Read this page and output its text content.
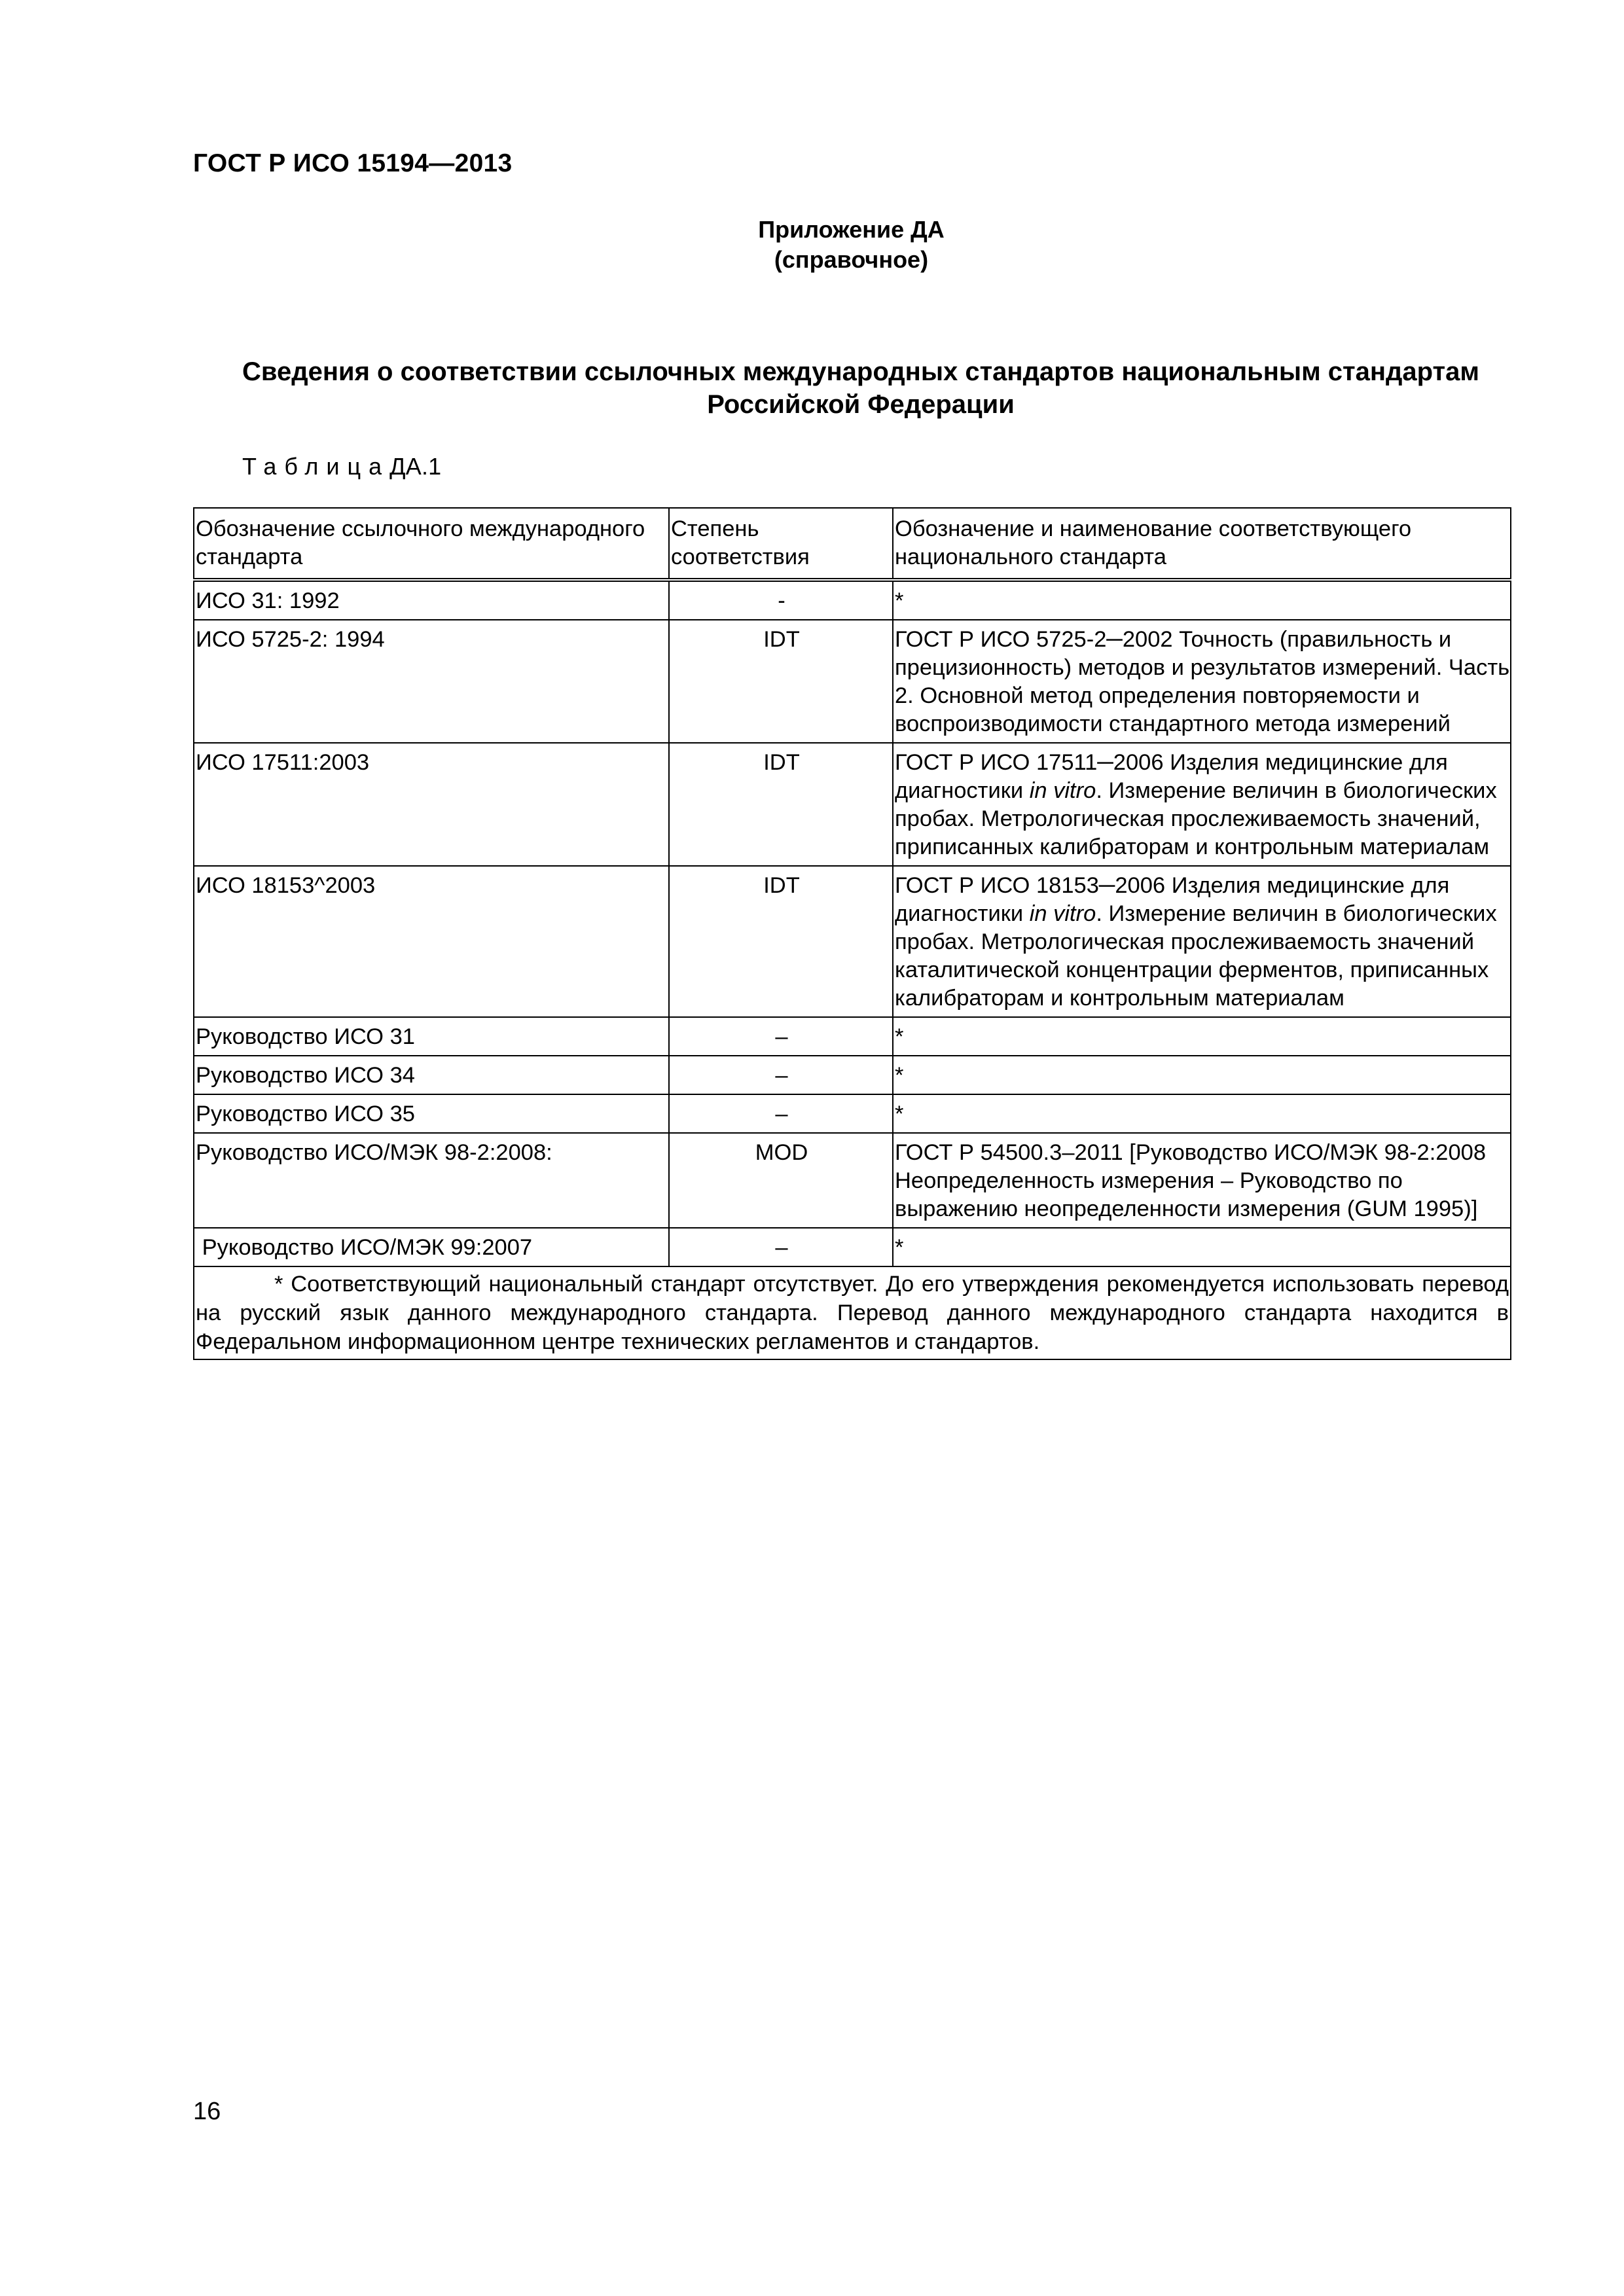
ГОСТ Р ИСО 15194—2013
Приложение ДА
(справочное)
Сведения о соответствии ссылочных международных стандартов национальным стандартам
Российской Федерации
ТаблицаДА.1
Обозначение ссылочного международного стандарта	Степень соответствия	Обозначение и наименование соответствующего национального стандарта
ИСО 31: 1992	-	*
ИСО 5725-2: 1994	IDT	ГОСТ Р ИСО 5725-2─2002 Точность (правильность и прецизионность) методов и результатов измерений. Часть 2. Основной метод определения повторяемости и воспроизводимости стандартного метода измерений
ИСО 17511:2003	IDT	ГОСТ Р ИСО 17511─2006 Изделия медицинские для диагностики in vitro. Измерение величин в биологических пробах. Метрологическая прослеживаемость значений, приписанных калибраторам и контрольным материалам
ИСО 18153^2003	IDT	ГОСТ Р ИСО 18153─2006 Изделия медицинские для диагностики in vitro. Измерение величин в биологических пробах. Метрологическая прослеживаемость значений каталитической концентрации ферментов, приписанных калибраторам и контрольным материалам
Руководство ИСО 31	–	*
Руководство ИСО 34	–	*
Руководство ИСО 35	–	*
Руководство ИСО/МЭК 98-2:2008:	MOD	ГОСТ Р 54500.3–2011 [Руководство ИСО/МЭК 98-2:2008 Неопределенность измерения – Руководство по выражению неопределенности измерения (GUM 1995)]
Руководство ИСО/МЭК 99:2007	–	*
* Соответствующий национальный стандарт отсутствует. До его утверждения рекомендуется использовать перевод на русский язык данного международного стандарта. Перевод данного международного стандарта находится в Федеральном информационном центре технических регламентов и стандартов.		
16
